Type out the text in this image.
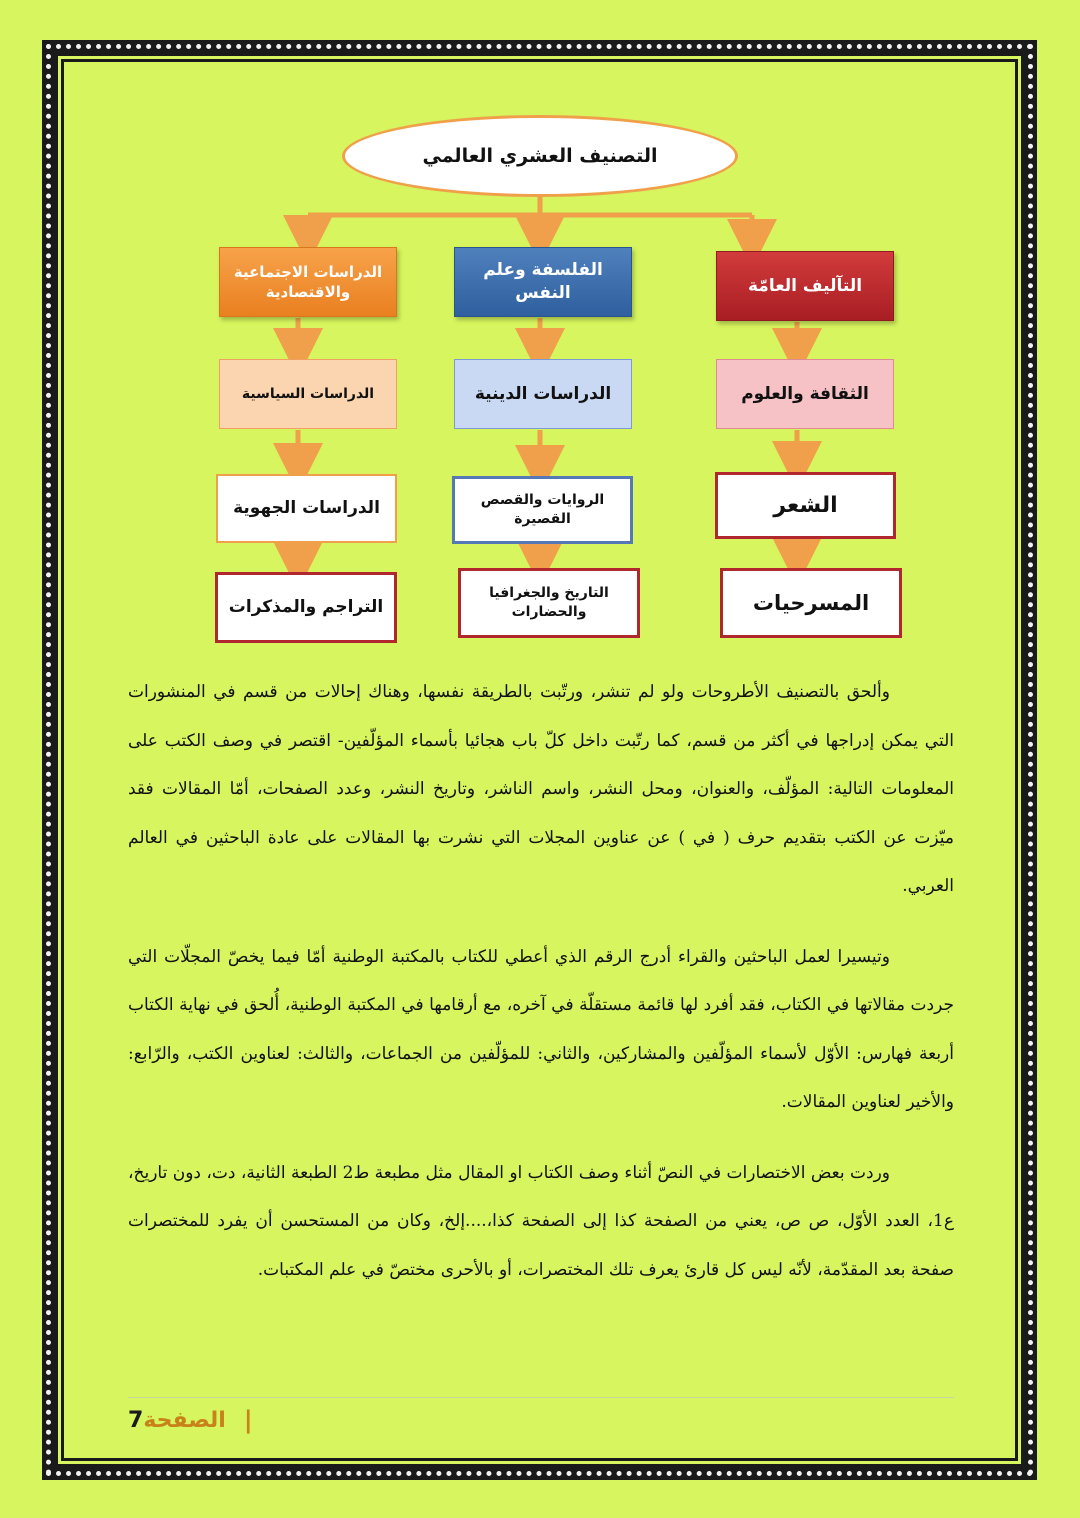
التصنيف العشري العالمي
التآليف العامّة
الفلسفة وعلم النفس
الدراسات الاجتماعية والاقتصادية
الثقافة والعلوم
الدراسات الدينية
الدراسات السياسية
الشعر
الروايات والقصص القصيرة
الدراسات الجهوية
المسرحيات
التاريخ والجغرافيا والحضارات
التراجم والمذكرات

وألحق بالتصنيف الأطروحات ولو لم تنشر، ورتّبت بالطريقة نفسها، وهناك إحالات من قسم في المنشورات التي يمكن إدراجها في أكثر من قسم، كما رتّبت داخل كلّ باب هجائيا بأسماء المؤلّفين- اقتصر في وصف الكتب على المعلومات التالية: المؤلّف، والعنوان، ومحل النشر، واسم الناشر، وتاريخ النشر، وعدد الصفحات، أمّا المقالات فقد ميّزت عن الكتب بتقديم حرف ( في ) عن عناوين المجلات التي نشرت بها المقالات على عادة الباحثين في العالم العربي.

وتيسيرا لعمل الباحثين والقراء أدرج الرقم الذي أعطي للكتاب بالمكتبة الوطنية أمّا فيما يخصّ المجلّات التي جردت مقالاتها في الكتاب، فقد أفرد لها قائمة مستقلّة في آخره، مع أرقامها في المكتبة الوطنية، أُلحق في نهاية الكتاب أربعة فهارس: الأوّل لأسماء المؤلّفين والمشاركين، والثاني: للمؤلّفين من الجماعات، والثالث: لعناوين الكتب، والرّابع: والأخير لعناوين المقالات.

وردت بعض الاختصارات في النصّ أثناء وصف الكتاب او المقال مثل مطبعة ط2 الطبعة الثانية، دت، دون تاريخ، ع1، العدد الأوّل، ص ص، يعني من الصفحة كذا إلى الصفحة كذا،....إلخ، وكان من المستحسن أن يفرد للمختصرات صفحة بعد المقدّمة، لأنّه ليس كل قارئ يعرف تلك المختصرات، أو بالأحرى مختصّ في علم المكتبات.

7 الصفحة |
